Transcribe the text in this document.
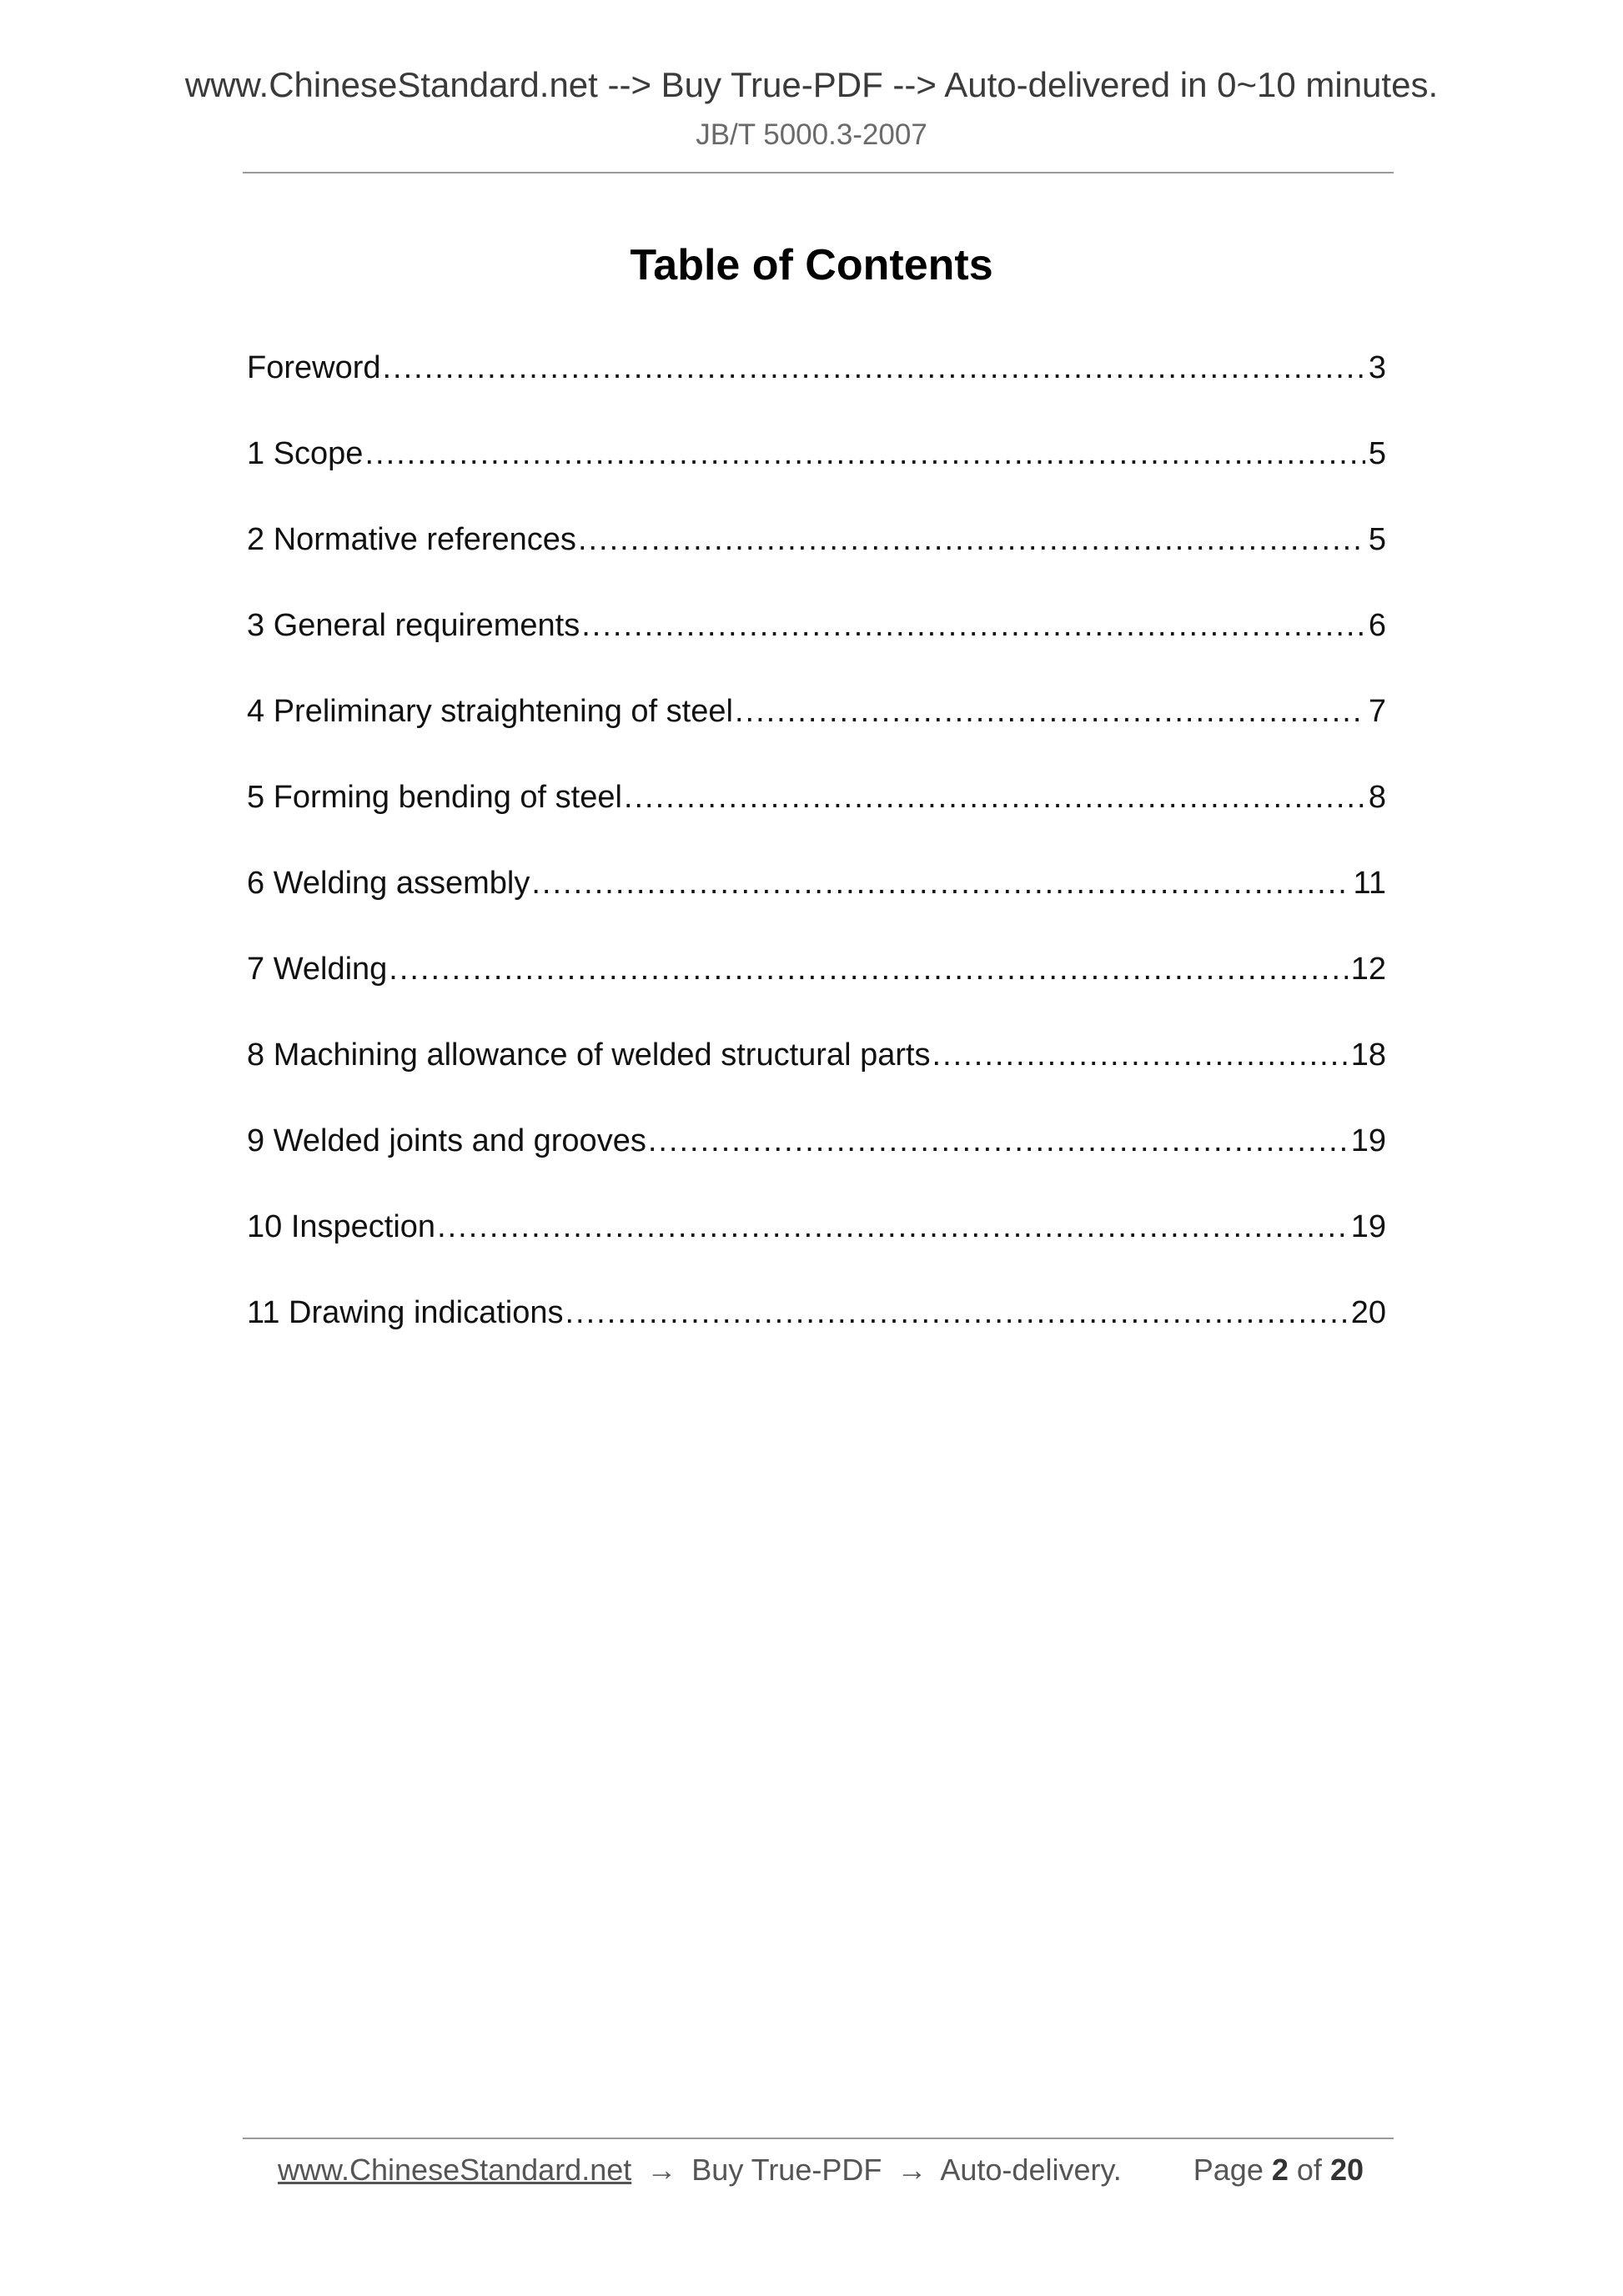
www.ChineseStandard.net --> Buy True-PDF --> Auto-delivered in 0~10 minutes.
JB/T 5000.3-2007
Table of Contents
Foreword .....	3
1 Scope .....	5
2 Normative references .....	5
3 General requirements .....	6
4 Preliminary straightening of steel .....	7
5 Forming bending of steel .....	8
6 Welding assembly .....	11
7 Welding .....	12
8 Machining allowance of welded structural parts .....	18
9 Welded joints and grooves .....	19
10 Inspection .....	19
11 Drawing indications .....	20
www.ChineseStandard.net → Buy True-PDF → Auto-delivery. Page 2 of 20
